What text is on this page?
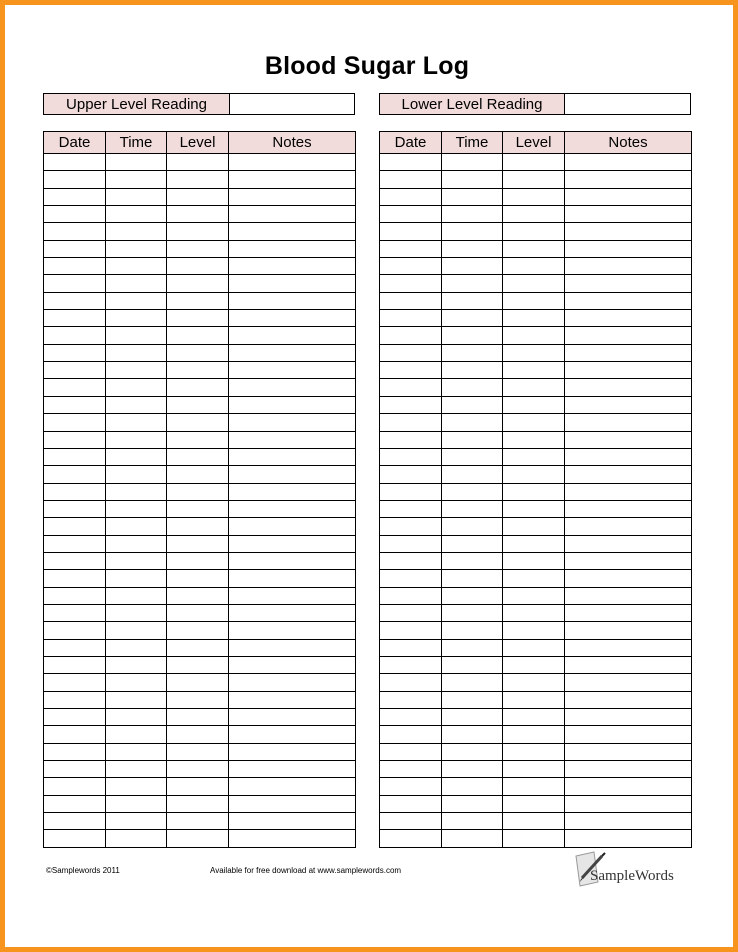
Blood Sugar Log
Upper Level Reading	Lower Level Reading
Date	Time	Level	Notes

				Date	Time	Level	Notes

©Samplewords 2011	Available for free download at www.samplewords.com	SampleWords
